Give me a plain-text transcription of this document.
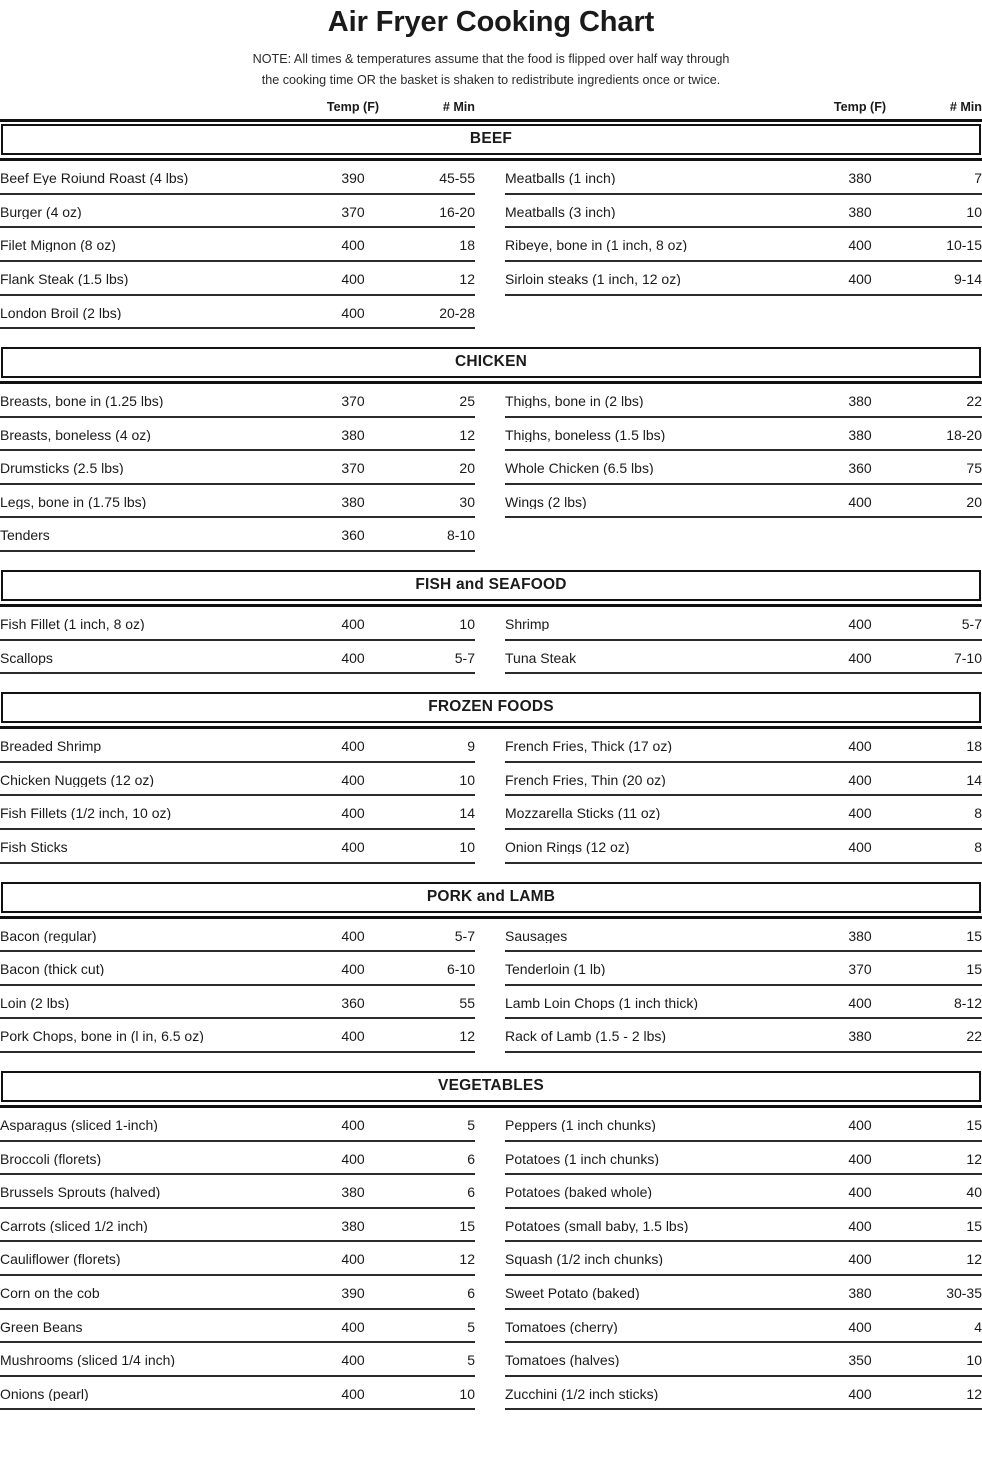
Air Fryer Cooking Chart
NOTE: All times & temperatures assume that the food is flipped over half way through
the cooking time OR the basket is shaken to redistribute ingredients once or twice.
Temp (F)	# Min	Temp (F)	# Min
BEEF
Beef Eye Roiund Roast (4 lbs)	390	45-55
Burger (4 oz)	370	16-20
Filet Mignon (8 oz)	400	18
Flank Steak (1.5 lbs)	400	12
London Broil (2 lbs)	400	20-28
Meatballs (1 inch)	380	7
Meatballs (3 inch)	380	10
Ribeye, bone in (1 inch, 8 oz)	400	10-15
Sirloin steaks (1 inch, 12 oz)	400	9-14
CHICKEN
Breasts, bone in (1.25 lbs)	370	25
Breasts, boneless (4 oz)	380	12
Drumsticks (2.5 lbs)	370	20
Legs, bone in (1.75 lbs)	380	30
Tenders	360	8-10
Thighs, bone in (2 lbs)	380	22
Thighs, boneless (1.5 lbs)	380	18-20
Whole Chicken (6.5 lbs)	360	75
Wings (2 lbs)	400	20
FISH and SEAFOOD
Fish Fillet (1 inch, 8 oz)	400	10
Scallops	400	5-7
Shrimp	400	5-7
Tuna Steak	400	7-10
FROZEN FOODS
Breaded Shrimp	400	9
Chicken Nuggets (12 oz)	400	10
Fish Fillets (1/2 inch, 10 oz)	400	14
Fish Sticks	400	10
French Fries, Thick (17 oz)	400	18
French Fries, Thin (20 oz)	400	14
Mozzarella Sticks (11 oz)	400	8
Onion Rings (12 oz)	400	8
PORK and LAMB
Bacon (regular)	400	5-7
Bacon (thick cut)	400	6-10
Loin (2 lbs)	360	55
Pork Chops, bone in (l in, 6.5 oz)	400	12
Sausages	380	15
Tenderloin (1 lb)	370	15
Lamb Loin Chops (1 inch thick)	400	8-12
Rack of Lamb (1.5 - 2 lbs)	380	22
VEGETABLES
Asparagus (sliced 1-inch)	400	5
Broccoli (florets)	400	6
Brussels Sprouts (halved)	380	6
Carrots (sliced 1/2 inch)	380	15
Cauliflower (florets)	400	12
Corn on the cob	390	6
Green Beans	400	5
Mushrooms (sliced 1/4 inch)	400	5
Onions (pearl)	400	10
Peppers (1 inch chunks)	400	15
Potatoes (1 inch chunks)	400	12
Potatoes (baked whole)	400	40
Potatoes (small baby, 1.5 lbs)	400	15
Squash (1/2 inch chunks)	400	12
Sweet Potato (baked)	380	30-35
Tomatoes (cherry)	400	4
Tomatoes (halves)	350	10
Zucchini (1/2 inch sticks)	400	12
